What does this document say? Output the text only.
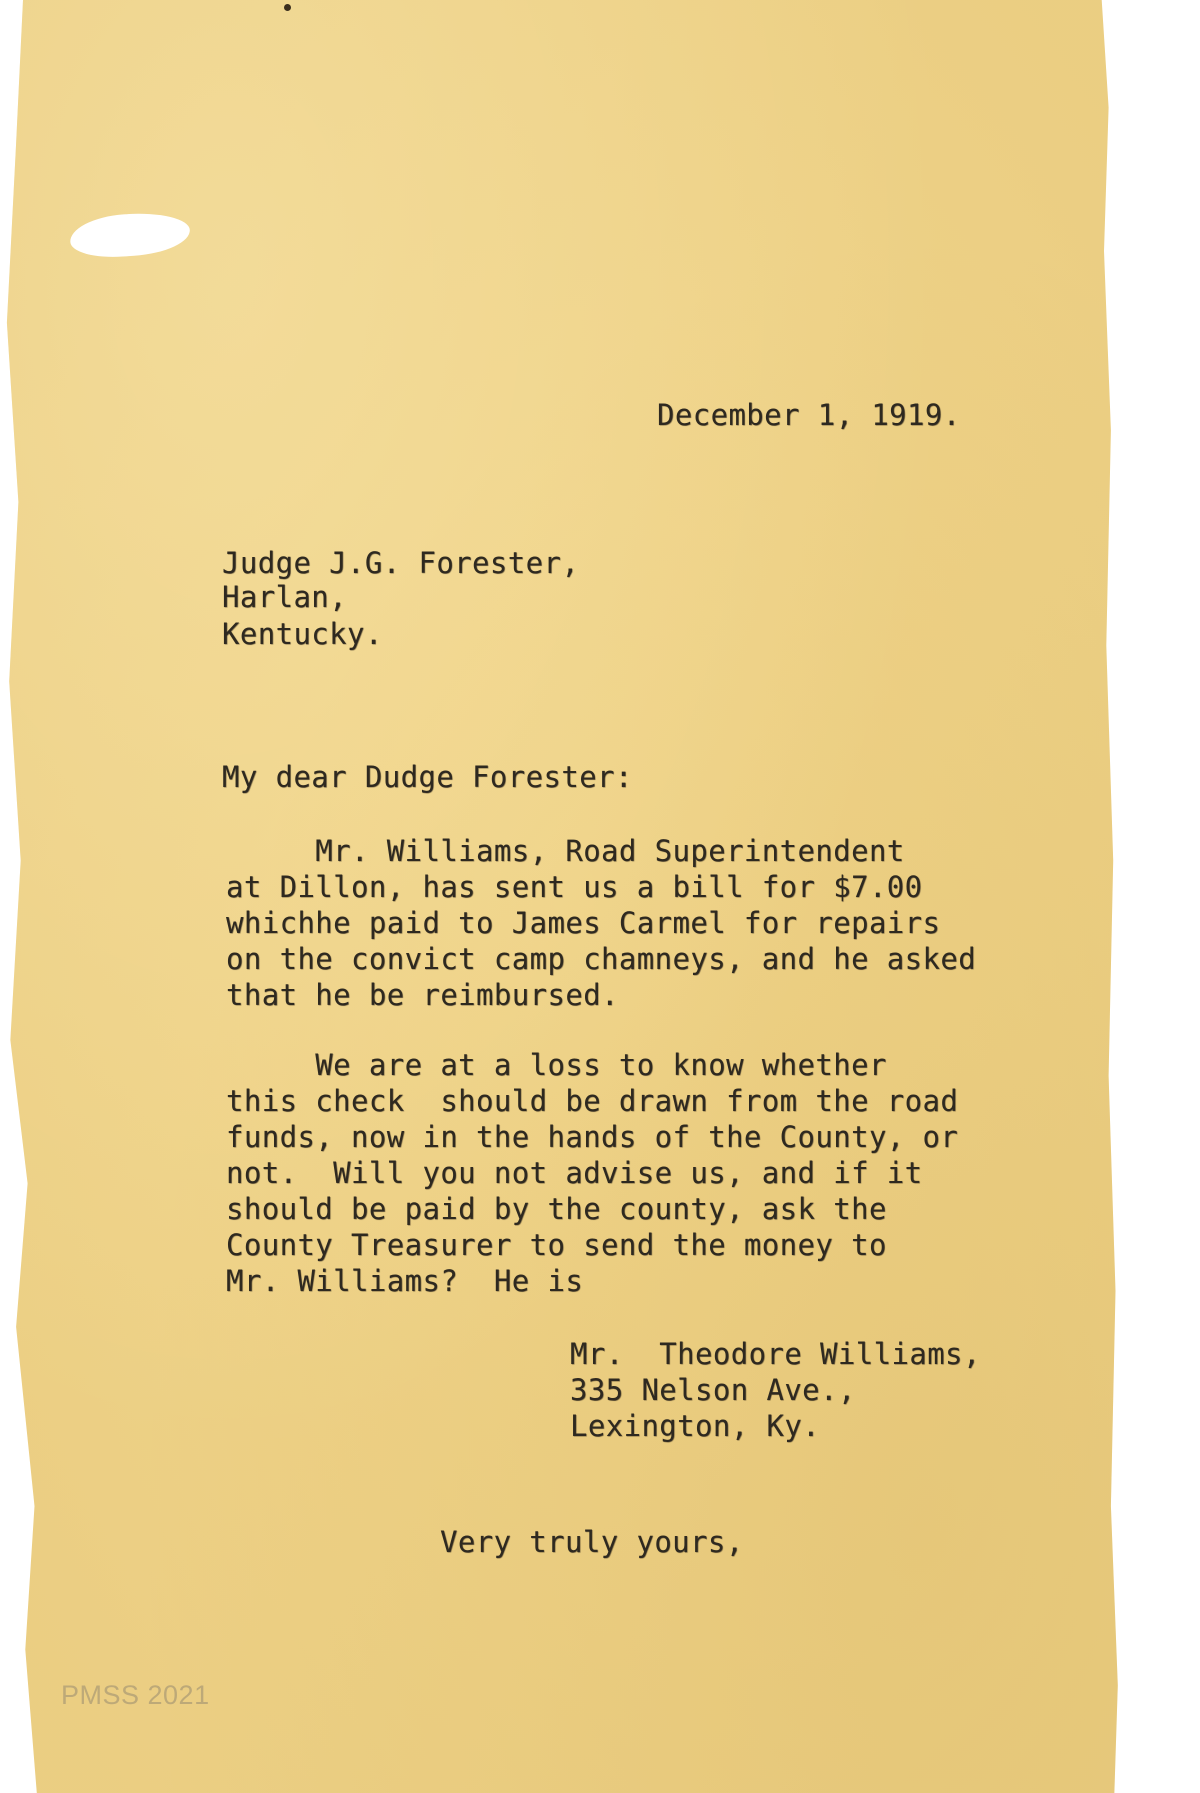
December 1, 1919.
Judge J.G. Forester,
Harlan,
Kentucky.
My dear Dudge Forester:
Mr. Williams, Road Superintendent
at Dillon, has sent us a bill for $7.00
whichhe paid to James Carmel for repairs
on the convict camp chamneys, and he asked
that he be reimbursed.
We are at a loss to know whether
this check  should be drawn from the road
funds, now in the hands of the County, or
not.  Will you not advise us, and if it
should be paid by the county, ask the
County Treasurer to send the money to
Mr. Williams?  He is
Mr.  Theodore Williams,
335 Nelson Ave.,
Lexington, Ky.
Very truly yours,
PMSS 2021
